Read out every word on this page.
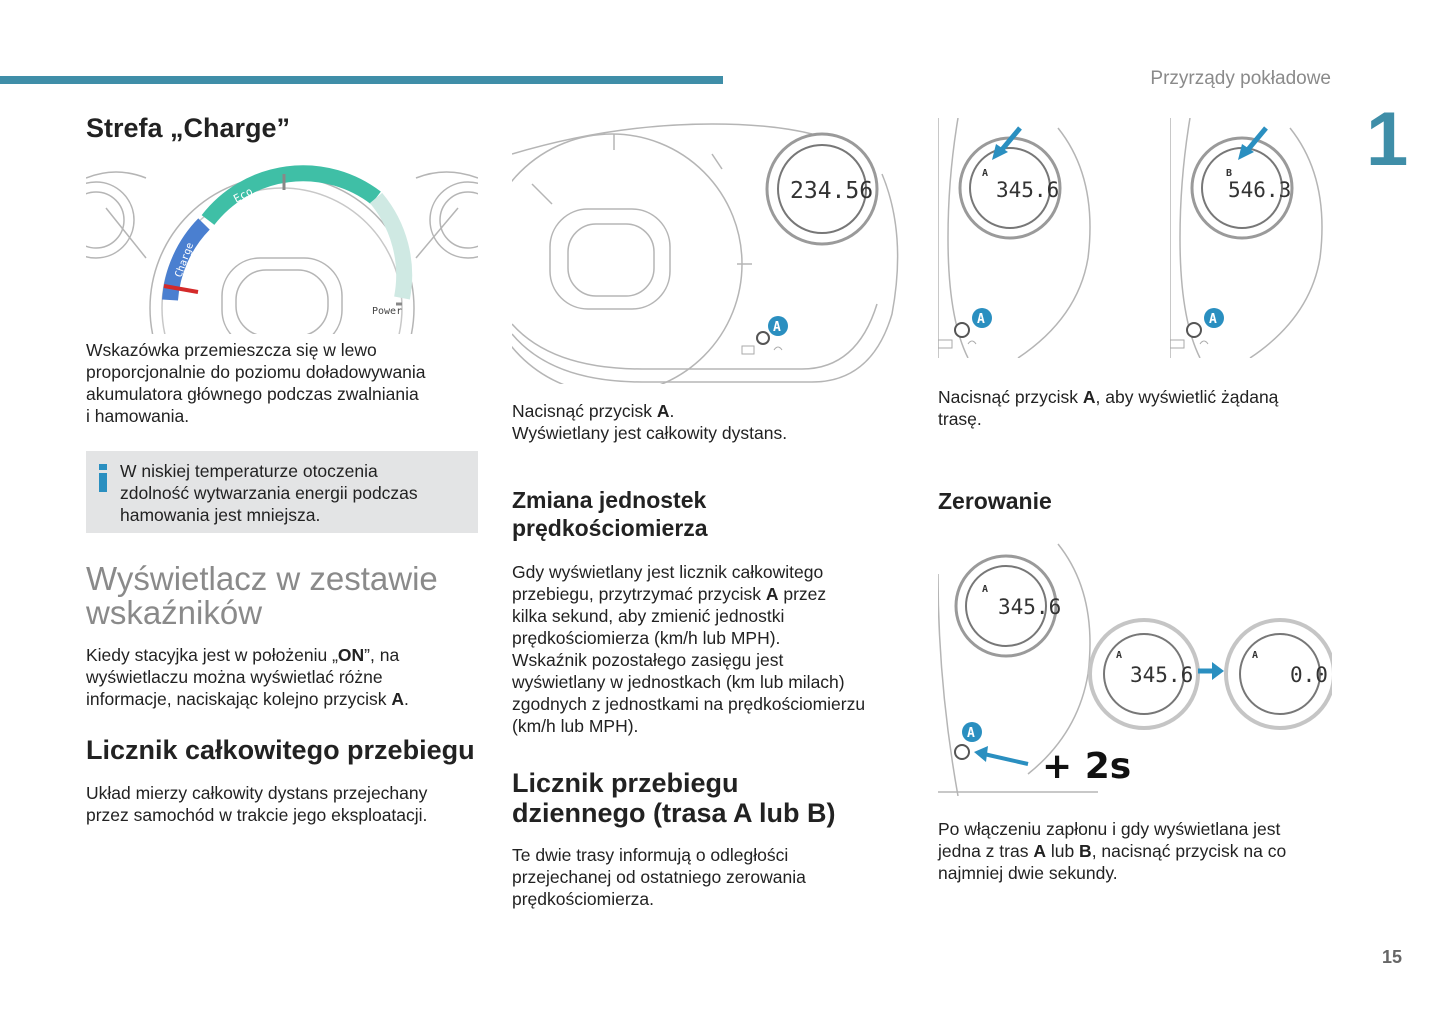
Przyrządy pokładowe
1
15
Strefa „Charge”
Eco
Charge
Power
Wskazówka przemieszcza się w lewo
proporcjonalnie do poziomu doładowywania
akumulatora głównego podczas zwalniania
i hamowania.
W niskiej temperaturze otoczenia
zdolność wytwarzania energii podczas
hamowania jest mniejsza.
Wyświetlacz w zestawie
wskaźników
Kiedy stacyjka jest w położeniu „ON”, na
wyświetlaczu można wyświetlać różne
informacje, naciskając kolejno przycisk A.
Licznik całkowitego przebiegu
Układ mierzy całkowity dystans przejechany
przez samochód w trakcie jego eksploatacji.
234.56
A
Nacisnąć przycisk A.
Wyświetlany jest całkowity dystans.
Zmiana jednostek
prędkościomierza
Gdy wyświetlany jest licznik całkowitego
przebiegu, przytrzymać przycisk A przez
kilka sekund, aby zmienić jednostki
prędkościomierza (km/h lub MPH).
Wskaźnik pozostałego zasięgu jest
wyświetlany w jednostkach (km lub milach)
zgodnych z jednostkami na prędkościomierzu
(km/h lub MPH).
Licznik przebiegu
dziennego (trasa A lub B)
Te dwie trasy informują o odległości
przejechanej od ostatniego zerowania
prędkościomierza.
A
345.6
A
B
546.3
A
Nacisnąć przycisk A, aby wyświetlić żądaną
trasę.
Zerowanie
A
345.6
A
345.6
A
0.0
A
+ 2s
Po włączeniu zapłonu i gdy wyświetlana jest
jedna z tras A lub B, nacisnąć przycisk na co
najmniej dwie sekundy.
